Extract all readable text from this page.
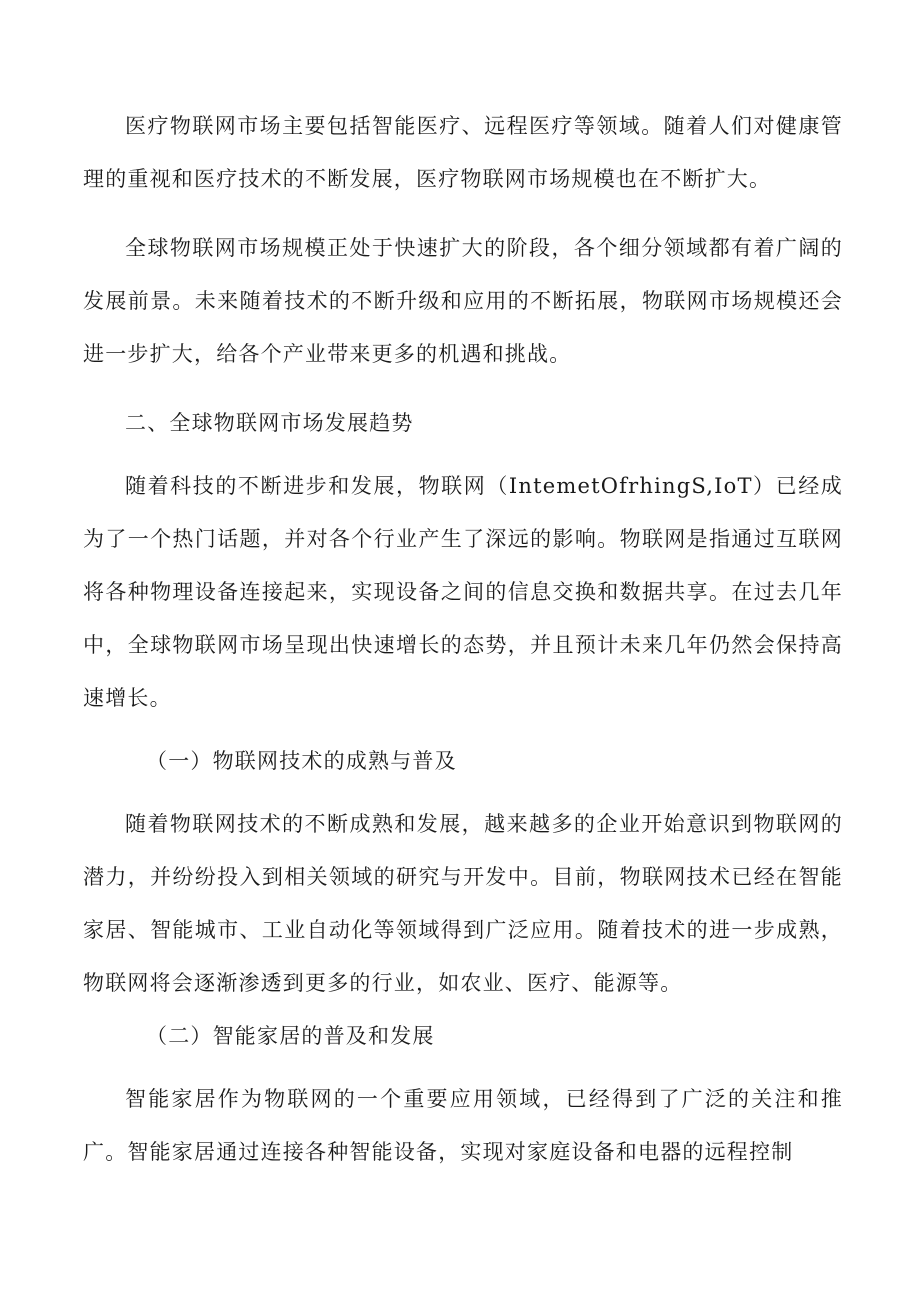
医疗物联网市场主要包括智能医疗、远程医疗等领域。随着人们对健康管理的重视和医疗技术的不断发展，医疗物联网市场规模也在不断扩大。

全球物联网市场规模正处于快速扩大的阶段，各个细分领域都有着广阔的发展前景。未来随着技术的不断升级和应用的不断拓展，物联网市场规模还会进一步扩大，给各个产业带来更多的机遇和挑战。

二、全球物联网市场发展趋势

随着科技的不断进步和发展，物联网（IntemetOfrhingS,IoT）已经成为了一个热门话题，并对各个行业产生了深远的影响。物联网是指通过互联网将各种物理设备连接起来，实现设备之间的信息交换和数据共享。在过去几年中，全球物联网市场呈现出快速增长的态势，并且预计未来几年仍然会保持高速增长。

（一）物联网技术的成熟与普及

随着物联网技术的不断成熟和发展，越来越多的企业开始意识到物联网的潜力，并纷纷投入到相关领域的研究与开发中。目前，物联网技术已经在智能家居、智能城市、工业自动化等领域得到广泛应用。随着技术的进一步成熟，物联网将会逐渐渗透到更多的行业，如农业、医疗、能源等。

（二）智能家居的普及和发展

智能家居作为物联网的一个重要应用领域，已经得到了广泛的关注和推广。智能家居通过连接各种智能设备，实现对家庭设备和电器的远程控制
